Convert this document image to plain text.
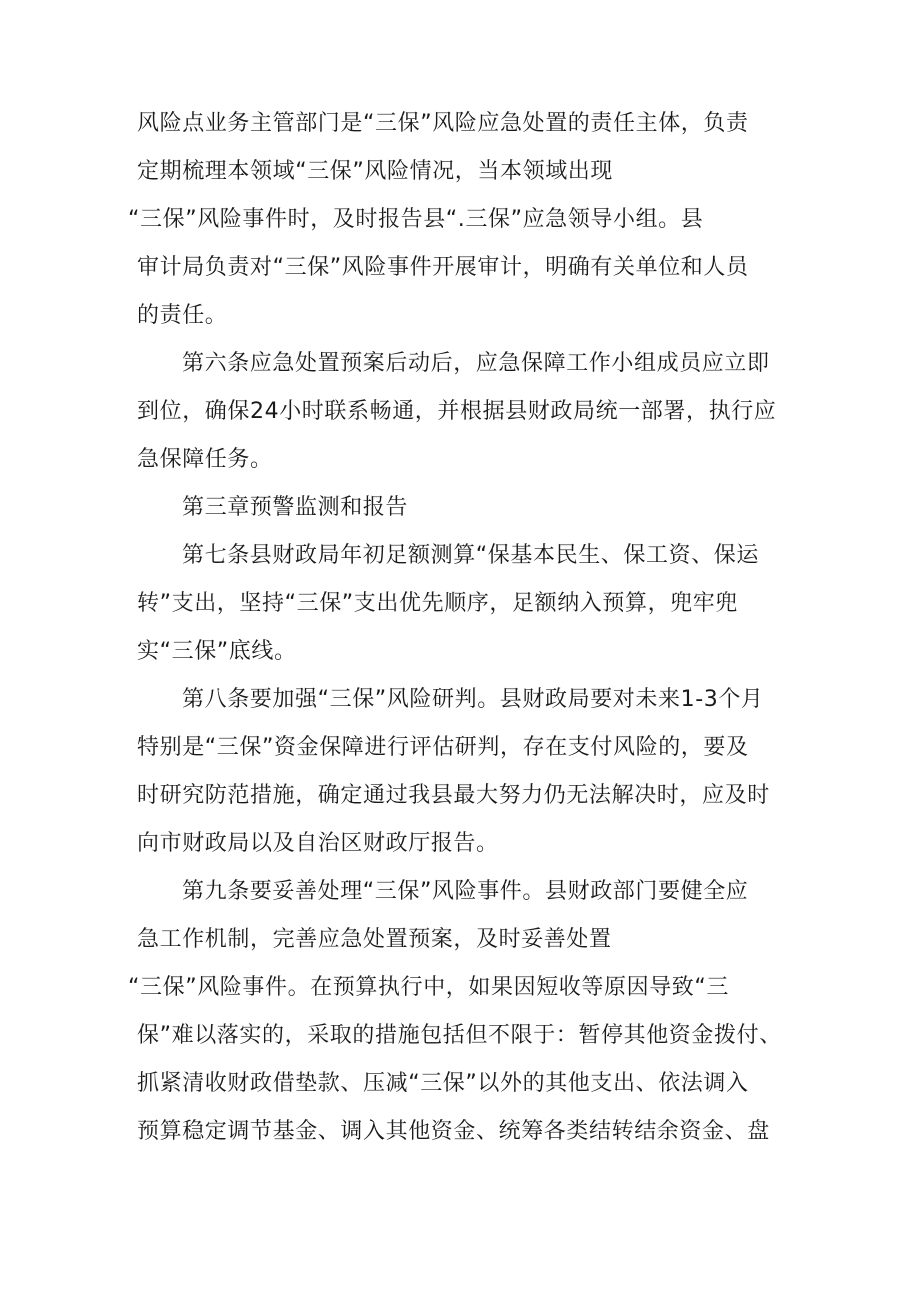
风险点业务主管部门是“三保”风险应急处置的责任主体，负责
定期梳理本领域“三保”风险情况，当本领域出现
“三保”风险事件时，及时报告县“.三保”应急领导小组。县
审计局负责对“三保”风险事件开展审计，明确有关单位和人员
的责任。
第六条应急处置预案后动后，应急保障工作小组成员应立即
到位，确保24小时联系畅通，并根据县财政局统一部署，执行应
急保障任务。
第三章预警监测和报告
第七条县财政局年初足额测算“保基本民生、保工资、保运
转”支出，坚持“三保”支出优先顺序，足额纳入预算，兜牢兜
实“三保”底线。
第八条要加强“三保”风险研判。县财政局要对未来1-3个月
特别是“三保”资金保障进行评估研判，存在支付风险的，要及
时研究防范措施，确定通过我县最大努力仍无法解决时，应及时
向市财政局以及自治区财政厅报告。
第九条要妥善处理“三保”风险事件。县财政部门要健全应
急工作机制，完善应急处置预案，及时妥善处置
“三保”风险事件。在预算执行中，如果因短收等原因导致“三
保”难以落实的，采取的措施包括但不限于：暂停其他资金拨付、
抓紧清收财政借垫款、压减“三保”以外的其他支出、依法调入
预算稳定调节基金、调入其他资金、统筹各类结转结余资金、盘
